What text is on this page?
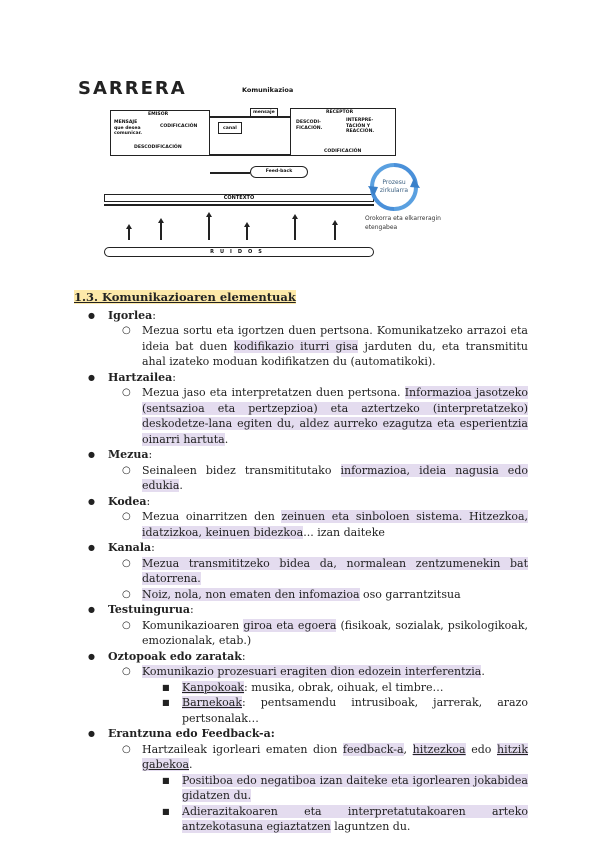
SARRERA	Komunikazioa
EMISOR
MENSAJE que desea comunicar.
CODIFICACIÓN
DESCODIFICACIÓN
canal
mensaje	RECEPTOR
DESCODI-FICACIÓN.
INTERPRE-TACIÓN Y REACCIÓN.
CODIFICACIÓN
Feed-back
CONTEXTO
RUIDOS
Prozesu zirkularra
Orokorra eta elkarreragin etengabea
1.3. Komunikazioaren elementuak
● Igorlea:
○ Mezua sortu eta igortzen duen pertsona. Komunikatzeko arrazoi eta ideia bat duen kodifikazio iturri gisa jarduten du, eta transmititu ahal izateko moduan kodifikatzen du (automatikoki).
● Hartzailea:
○ Mezua jaso eta interpretatzen duen pertsona. Informazioa jasotzeko (sentsazioa eta pertzepzioa) eta aztertzeko (interpretatzeko) deskodetze-lana egiten du, aldez aurreko ezagutza eta esperientzia oinarri hartuta.
● Mezua:
○ Seinaleen bidez transmititutako informazioa, ideia nagusia edo edukia.
● Kodea:
○ Mezua oinarritzen den zeinuen eta sinboloen sistema. Hitzezkoa, idatzizkoa, keinuen bidezkoa... izan daiteke
● Kanala:
○ Mezua transmititzeko bidea da, normalean zentzumenekin bat datorrena.
○ Noiz, nola, non ematen den infomazioa oso garrantzitsua
● Testuingurua:
○ Komunikazioaren giroa eta egoera (fisikoak, sozialak, psikologikoak, emozionalak, etab.)
● Oztopoak edo zaratak:
○ Komunikazio prozesuari eragiten dion edozein interferentzia.
■ Kanpokoak: musika, obrak, oihuak, el timbre…
■ Barnekoak: pentsamendu intrusiboak, jarrerak, arazo pertsonalak…
● Erantzuna edo Feedback-a:
○ Hartzaileak igorleari ematen dion feedback-a, hitzezkoa edo hitzik gabekoa.
■ Positiboa edo negatiboa izan daiteke eta igorlearen jokabidea gidatzen du.
■ Adierazitakoaren eta interpretatutakoaren arteko antzekotasuna egiaztatzen laguntzen du.
